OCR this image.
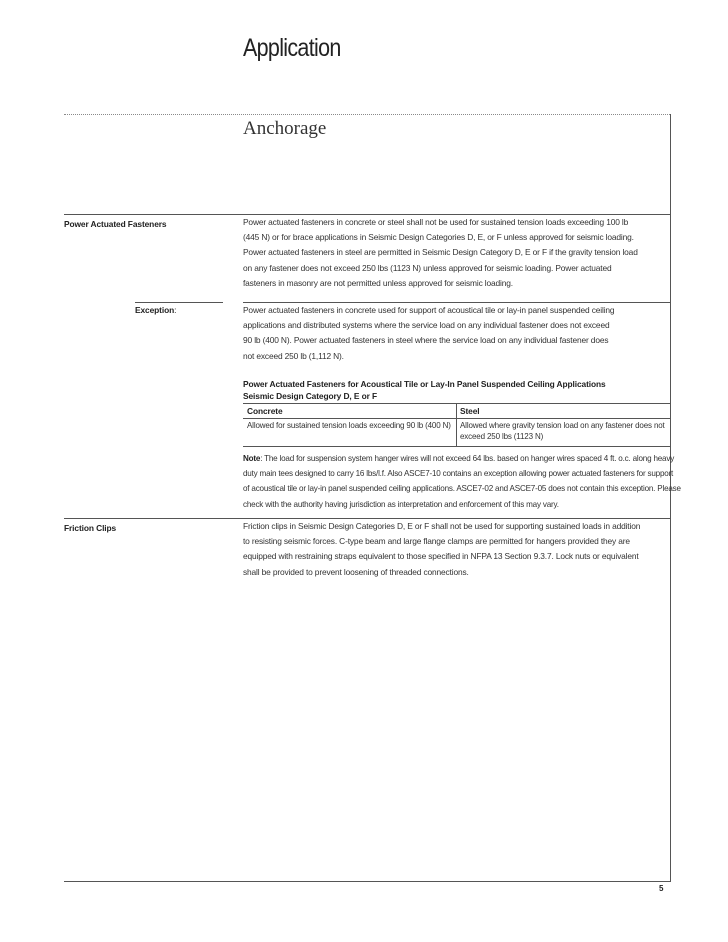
Application
Anchorage
Power Actuated Fasteners	Power actuated fasteners in concrete or steel shall not be used for sustained tension loads exceeding 100 lb
(445 N) or for brace applications in Seismic Design Categories D, E, or F unless approved for seismic loading.
Power actuated fasteners in steel are permitted in Seismic Design Category D, E or F if the gravity tension load
on any fastener does not exceed 250 lbs (1123 N) unless approved for seismic loading. Power actuated
fasteners in masonry are not permitted unless approved for seismic loading.
Exception:	Power actuated fasteners in concrete used for support of acoustical tile or lay-in panel suspended ceiling
applications and distributed systems where the service load on any individual fastener does not exceed
90 lb (400 N). Power actuated fasteners in steel where the service load on any individual fastener does
not exceed 250 lb (1,112 N).
Power Actuated Fasteners for Acoustical Tile or Lay-In Panel Suspended Ceiling Applications
Seismic Design Category D, E or F
Concrete	Steel
Allowed for sustained tension loads exceeding 90 lb (400 N) Allowed where gravity tension load on any fastener does not
exceed 250 lbs (1123 N)
Note: The load for suspension system hanger wires will not exceed 64 lbs. based on hanger wires spaced 4 ft. o.c. along heavy
duty main tees designed to carry 16 lbs/l.f. Also ASCE7-10 contains an exception allowing power actuated fasteners for support
of acoustical tile or lay-in panel suspended ceiling applications. ASCE7-02 and ASCE7-05 does not contain this exception. Please
check with the authority having jurisdiction as interpretation and enforcement of this may vary.
Friction Clips	Friction clips in Seismic Design Categories D, E or F shall not be used for supporting sustained loads in addition
to resisting seismic forces. C-type beam and large flange clamps are permitted for hangers provided they are
equipped with restraining straps equivalent to those specified in NFPA 13 Section 9.3.7. Lock nuts or equivalent
shall be provided to prevent loosening of threaded connections.
5
